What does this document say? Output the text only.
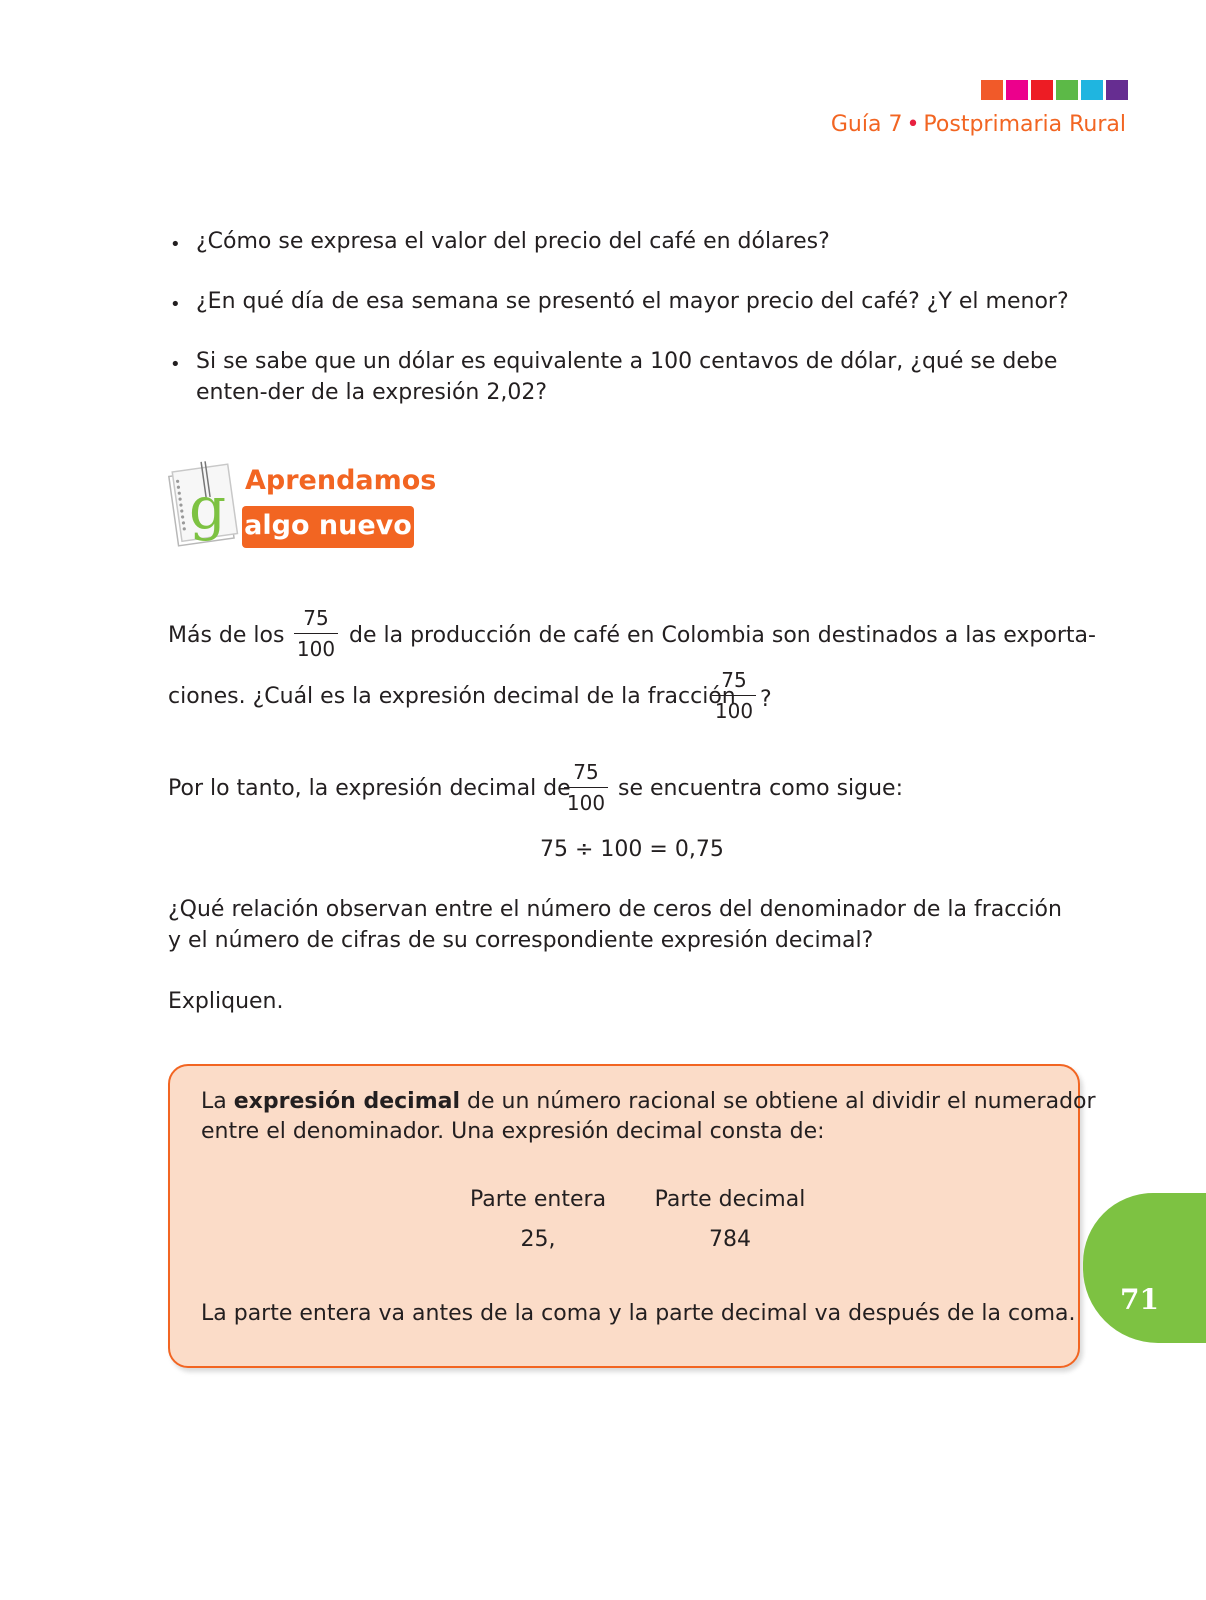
Guía 7 • Postprimaria Rural
• ¿Cómo se expresa el valor del precio del café en dólares?
• ¿En qué día de esa semana se presentó el mayor precio del café? ¿Y el menor?
• Si se sabe que un dólar es equivalente a 100 centavos de dólar, ¿qué se debe enten-der de la expresión 2,02?
g Aprendamos
algo nuevo
Más de los $\frac{75}{100}$ de la producción de café en Colombia son destinados a las exporta-
ciones. ¿Cuál es la expresión decimal de la fracción
$\frac{75}{100}$ ?
Por lo tanto, la expresión decimal de
$\frac{75}{100}$ se encuentra como sigue:
75 ÷ 100 = 0,75
¿Qué relación observan entre el número de ceros del denominador de la fracción y el número de cifras de su correspondiente expresión decimal?
Expliquen.
La expresión decimal de un número racional se obtiene al dividir el numerador
entre el denominador. Una expresión decimal consta de:
Parte entera Parte decimal
25,	784
La parte entera va antes de la coma y la parte decimal va después de la coma. 71
